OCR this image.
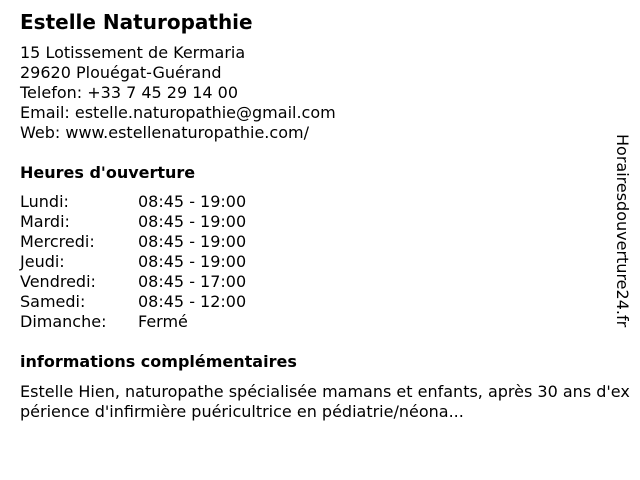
Estelle Naturopathie
15 Lotissement de Kermaria
29620 Plouégat-Guérand
Telefon: +33 7 45 29 14 00
Email: estelle.naturopathie@gmail.com
Web: www.estellenaturopathie.com/
Heures d'ouverture
Lundi:	08:45 - 19:00
Mardi:	08:45 - 19:00
Mercredi:	08:45 - 19:00
Jeudi:	08:45 - 19:00
Vendredi:	08:45 - 17:00
Samedi:	08:45 - 12:00
Dimanche:	Fermé
informations complémentaires
Estelle Hien, naturopathe spécialisée mamans et enfants, après 30 ans d'expérience d'infirmière puéricultrice en pédiatrie/néona...
Horairesdouverture24.fr
